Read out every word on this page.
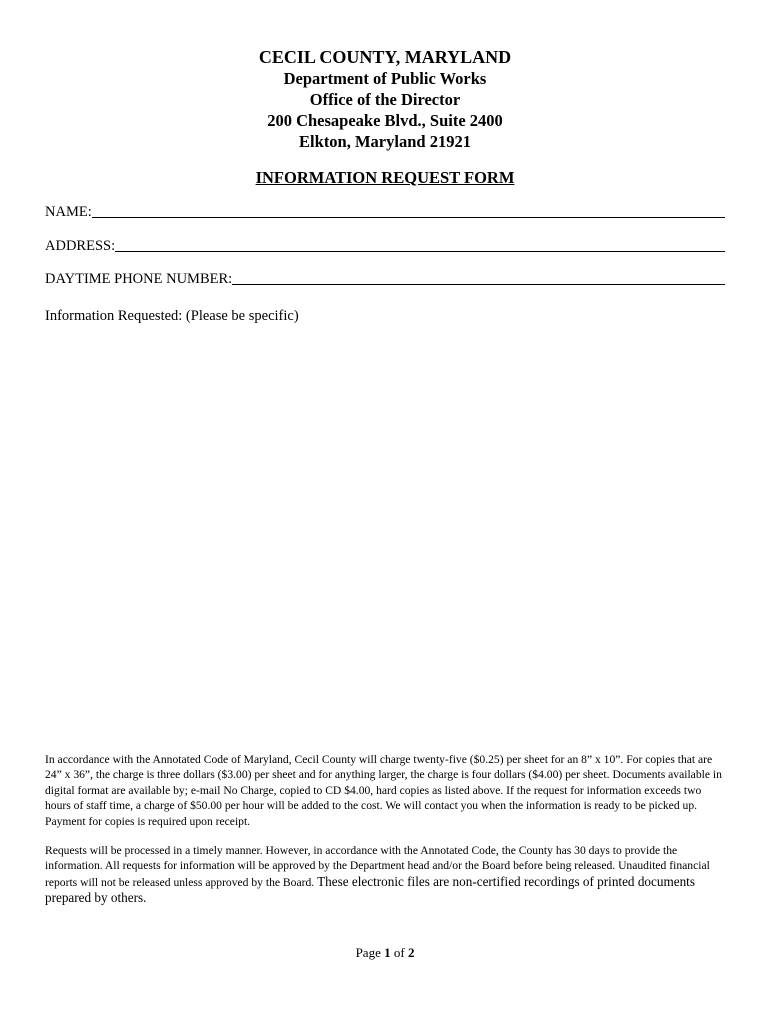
CECIL COUNTY, MARYLAND
Department of Public Works
Office of the Director
200 Chesapeake Blvd., Suite 2400
Elkton, Maryland 21921
INFORMATION REQUEST FORM
NAME:
ADDRESS:
DAYTIME PHONE NUMBER:
Information Requested: (Please be specific)
In accordance with the Annotated Code of Maryland, Cecil County will charge twenty-five ($0.25) per sheet for an 8” x 10”. For copies that are 24” x 36”, the charge is three dollars ($3.00) per sheet and for anything larger, the charge is four dollars ($4.00) per sheet. Documents available in digital format are available by; e-mail No Charge, copied to CD $4.00, hard copies as listed above. If the request for information exceeds two hours of staff time, a charge of $50.00 per hour will be added to the cost. We will contact you when the information is ready to be picked up. Payment for copies is required upon receipt.
Requests will be processed in a timely manner. However, in accordance with the Annotated Code, the County has 30 days to provide the information. All requests for information will be approved by the Department head and/or the Board before being released. Unaudited financial reports will not be released unless approved by the Board. These electronic files are non-certified recordings of printed documents prepared by others.
Page 1 of 2
